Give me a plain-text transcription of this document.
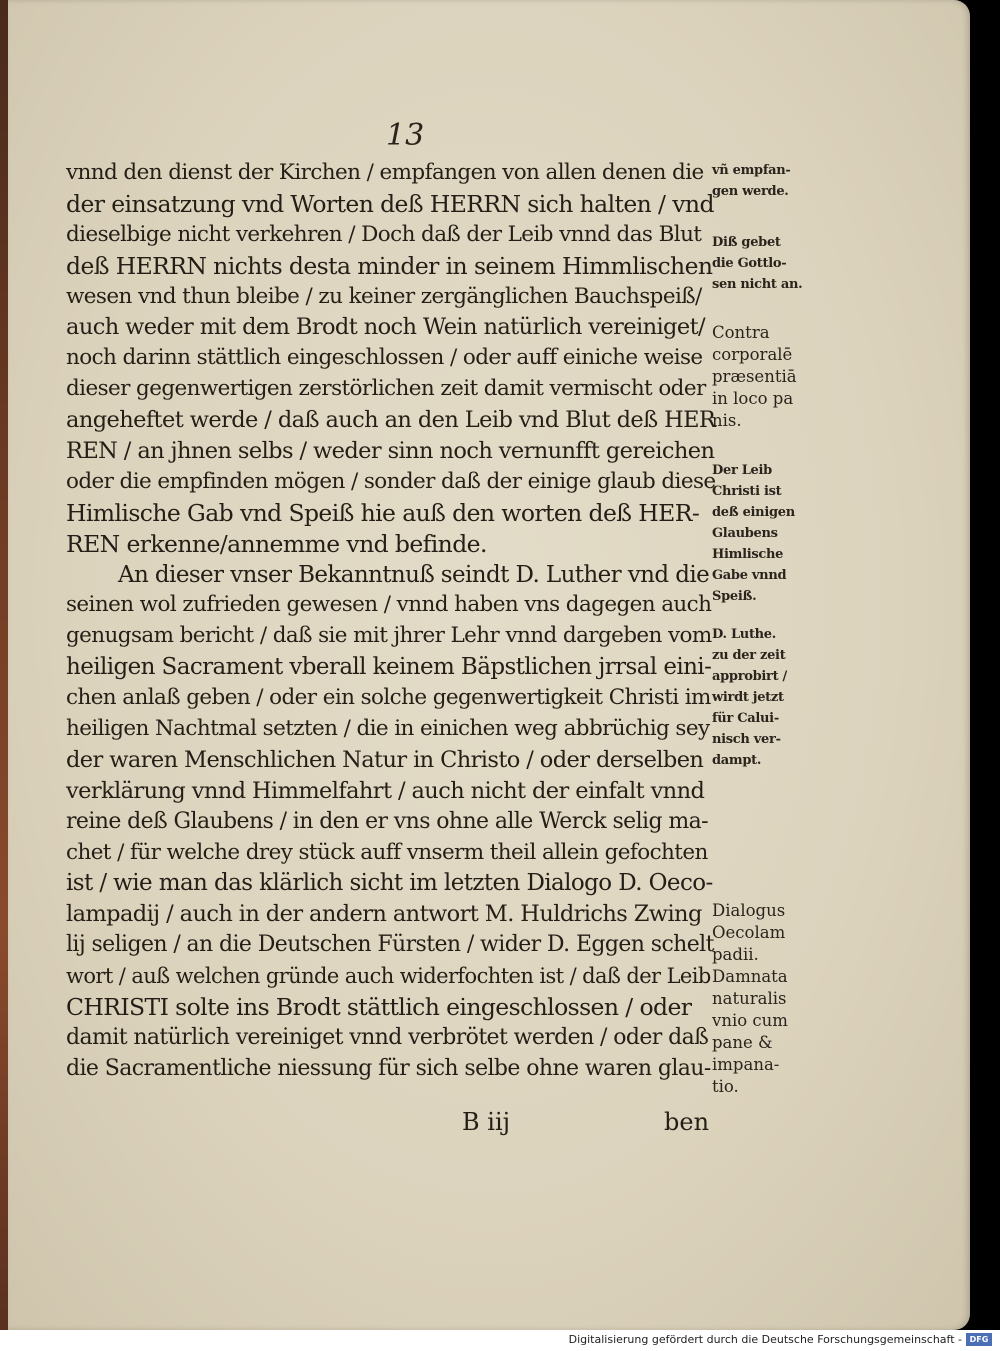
13
vnnd den dienst der Kirchen / empfangen von allen denen die
der einsatzung vnd Worten deß HERRN sich halten / vnd
dieselbige nicht verkehren / Doch daß der Leib vnnd das Blut
deß HERRN nichts desta minder in seinem Himmlischen
wesen vnd thun bleibe / zu keiner zergänglichen Bauchspeiß/
auch weder mit dem Brodt noch Wein natürlich vereiniget/
noch darinn stättlich eingeschlossen / oder auff einiche weise
dieser gegenwertigen zerstörlichen zeit damit vermischt oder
angeheftet werde / daß auch an den Leib vnd Blut deß HER
REN / an jhnen selbs / weder sinn noch vernunfft gereichen
oder die empfinden mögen / sonder daß der einige glaub diese
Himlische Gab vnd Speiß hie auß den worten deß HER-
REN erkenne/annemme vnd befinde.
An dieser vnser Bekanntnuß seindt D. Luther vnd die
seinen wol zufrieden gewesen / vnnd haben vns dagegen auch
genugsam bericht / daß sie mit jhrer Lehr vnnd dargeben vom
heiligen Sacrament vberall keinem Bäpstlichen jrrsal eini-
chen anlaß geben / oder ein solche gegenwertigkeit Christi im
heiligen Nachtmal setzten / die in einichen weg abbrüchig sey
der waren Menschlichen Natur in Christo / oder derselben
verklärung vnnd Himmelfahrt / auch nicht der einfalt vnnd
reine deß Glaubens / in den er vns ohne alle Werck selig ma-
chet / für welche drey stück auff vnserm theil allein gefochten
ist / wie man das klärlich sicht im letzten Dialogo D. Oeco-
lampadij / auch in der andern antwort M. Huldrichs Zwing
lij seligen / an die Deutschen Fürsten / wider D. Eggen schelt
wort / auß welchen gründe auch widerfochten ist / daß der Leib
CHRISTI solte ins Brodt stättlich eingeschlossen / oder
damit natürlich vereiniget vnnd verbrötet werden / oder daß
die Sacramentliche niessung für sich selbe ohne waren glau-
B iij	ben
vñ empfan-
gen werde.
Diß gebet
die Gottlo-
sen nicht an.
Contra
corporalē
præsentiā
in loco pa
nis.
Der Leib
Christi ist
deß einigen
Glaubens
Himlische
Gabe vnnd
Speiß.
D. Luthe.
zu der zeit
approbirt /
wirdt jetzt
für Calui-
nisch ver-
dampt.
Dialogus
Oecolam
padii.
Damnata
naturalis
vnio cum
pane &
impana-
tio.
Digitalisierung gefördert durch die Deutsche Forschungsgemeinschaft - DFG
